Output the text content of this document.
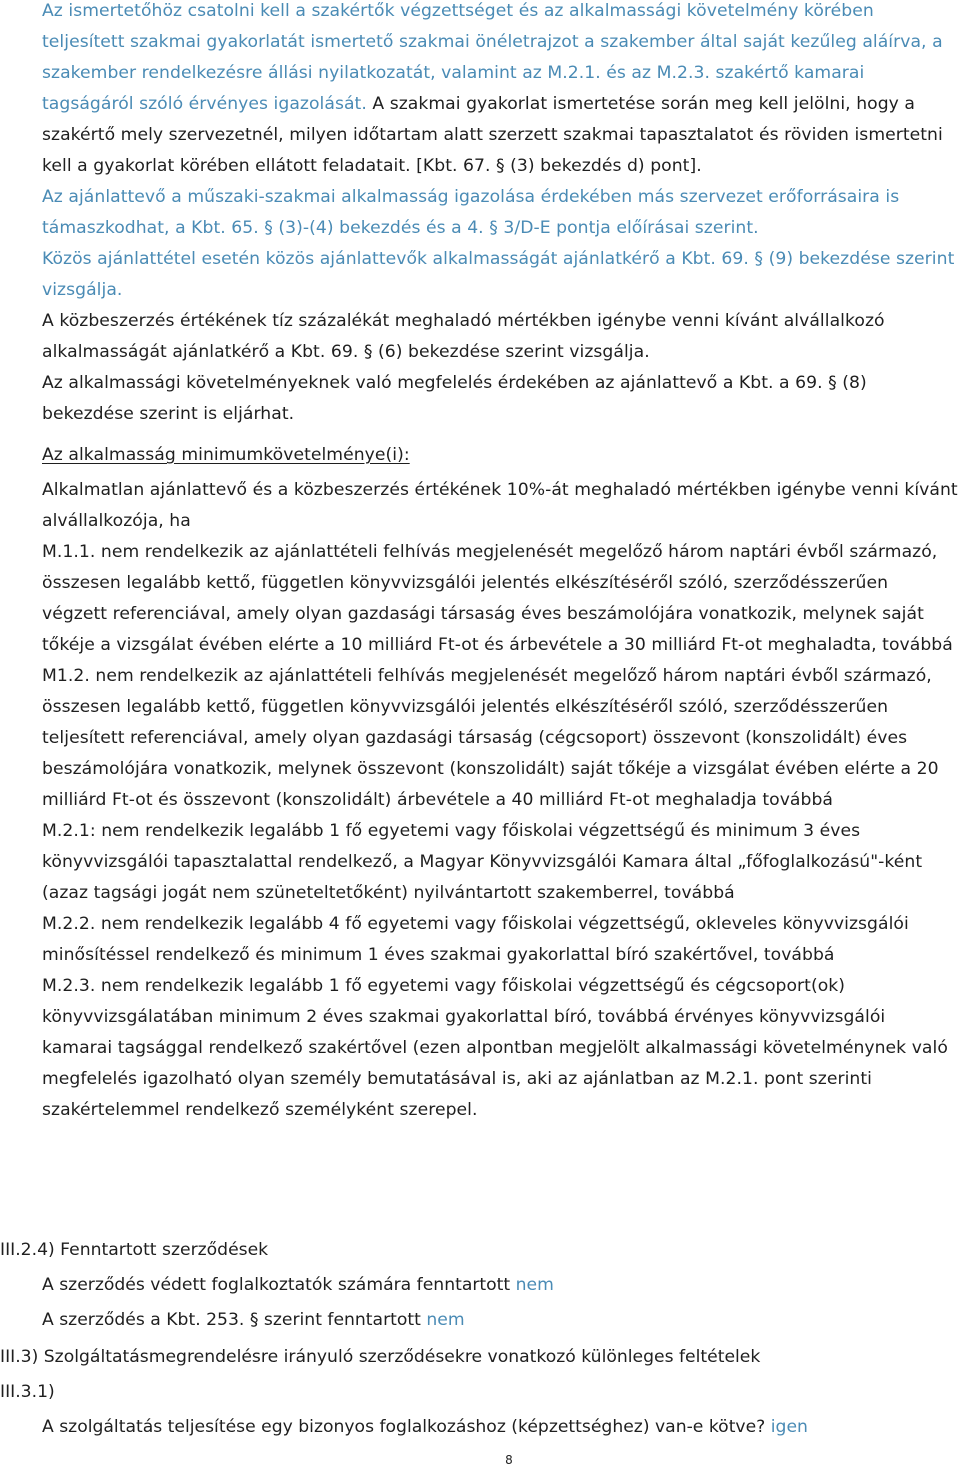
Az ismertetőhöz csatolni kell a szakértők végzettséget és az alkalmassági követelmény körében teljesített szakmai gyakorlatát ismertető szakmai önéletrajzot a szakember által saját kezűleg aláírva, a szakember rendelkezésre állási nyilatkozatát, valamint az M.2.1. és az M.2.3. szakértő kamarai tagságáról szóló érvényes igazolását. A szakmai gyakorlat ismertetése során meg kell jelölni, hogy a szakértő mely szervezetnél, milyen időtartam alatt szerzett szakmai tapasztalatot és röviden ismertetni kell a gyakorlat körében ellátott feladatait. [Kbt. 67. § (3) bekezdés d) pont].
Az ajánlattevő a műszaki-szakmai alkalmasság igazolása érdekében más szervezet erőforrásaira is támaszkodhat, a Kbt. 65. § (3)-(4) bekezdés és a 4. § 3/D-E pontja előírásai szerint.
Közös ajánlattétel esetén közös ajánlattevők alkalmasságát ajánlatkérő a Kbt. 69. § (9) bekezdése szerint vizsgálja.
A közbeszerzés értékének tíz százalékát meghaladó mértékben igénybe venni kívánt alvállalkozó alkalmasságát ajánlatkérő a Kbt. 69. § (6) bekezdése szerint vizsgálja.
Az alkalmassági követelményeknek való megfelelés érdekében az ajánlattevő a Kbt. a 69. § (8) bekezdése szerint is eljárhat.
Az alkalmasság minimumkövetelménye(i):
Alkalmatlan ajánlattevő és a közbeszerzés értékének 10%-át meghaladó mértékben igénybe venni kívánt alvállalkozója, ha
M.1.1. nem rendelkezik az ajánlattételi felhívás megjelenését megelőző három naptári évből származó, összesen legalább kettő, független könyvvizsgálói jelentés elkészítéséről szóló, szerződésszerűen végzett referenciával, amely olyan gazdasági társaság éves beszámolójára vonatkozik, melynek saját tőkéje a vizsgálat évében elérte a 10 milliárd Ft-ot és árbevétele a 30 milliárd Ft-ot meghaladta, továbbá
M1.2. nem rendelkezik az ajánlattételi felhívás megjelenését megelőző három naptári évből származó, összesen legalább kettő, független könyvvizsgálói jelentés elkészítéséről szóló, szerződésszerűen teljesített referenciával, amely olyan gazdasági társaság (cégcsoport) összevont (konszolidált) éves beszámolójára vonatkozik, melynek összevont (konszolidált) saját tőkéje a vizsgálat évében elérte a 20 milliárd Ft-ot és összevont (konszolidált) árbevétele a 40 milliárd Ft-ot meghaladja továbbá
M.2.1: nem rendelkezik legalább 1 fő egyetemi vagy főiskolai végzettségű és minimum 3 éves könyvvizsgálói tapasztalattal rendelkező, a Magyar Könyvvizsgálói Kamara által „főfoglalkozású"-ként (azaz tagsági jogát nem szüneteltetőként) nyilvántartott szakemberrel, továbbá
M.2.2. nem rendelkezik legalább 4 fő egyetemi vagy főiskolai végzettségű, okleveles könyvvizsgálói minősítéssel rendelkező és minimum 1 éves szakmai gyakorlattal bíró szakértővel, továbbá
M.2.3. nem rendelkezik legalább 1 fő egyetemi vagy főiskolai végzettségű és cégcsoport(ok) könyvvizsgálatában minimum 2 éves szakmai gyakorlattal bíró, továbbá érvényes könyvvizsgálói kamarai tagsággal rendelkező szakértővel (ezen alpontban megjelölt alkalmassági követelménynek való megfelelés igazolható olyan személy bemutatásával is, aki az ajánlatban az M.2.1. pont szerinti szakértelemmel rendelkező személyként szerepel.
III.2.4) Fenntartott szerződések
A szerződés védett foglalkoztatók számára fenntartott nem
A szerződés a Kbt. 253. § szerint fenntartott nem
III.3) Szolgáltatásmegrendelésre irányuló szerződésekre vonatkozó különleges feltételek
III.3.1)
A szolgáltatás teljesítése egy bizonyos foglalkozáshoz (képzettséghez) van-e kötve? igen
8
